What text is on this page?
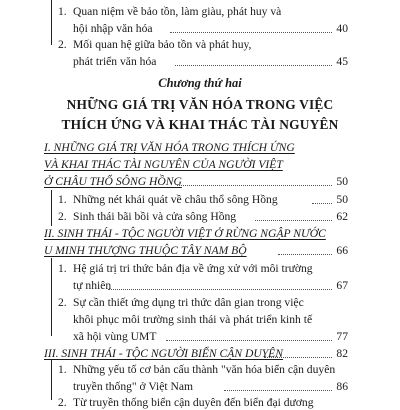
1. Quan niệm về bảo tồn, làm giàu, phát huy và
hội nhập văn hóa	40
2. Mối quan hệ giữa bảo tồn và phát huy,
phát triển văn hóa	45
Chương thứ hai
NHỮNG GIÁ TRỊ VĂN HÓA TRONG VIỆC
THÍCH ỨNG VÀ KHAI THÁC TÀI NGUYÊN
I. NHỮNG GIÁ TRỊ VĂN HÓA TRONG THÍCH ỨNG
VÀ KHAI THÁC TÀI NGUYÊN CỦA NGƯỜI VIỆT
Ở CHÂU THỔ SÔNG HỒNG	50
1. Những nét khái quát về châu thổ sông Hồng	50
2. Sinh thái bãi bồi và cửa sông Hồng	62
II. SINH THÁI - TỘC NGƯỜI VIỆT Ở RỪNG NGẬP NƯỚC
U MINH THƯỢNG THUỘC TÂY NAM BỘ	66
1. Hệ giá trị tri thức bản địa về ứng xử với môi trường
tự nhiên	67
2. Sự cần thiết ứng dụng tri thức dân gian trong việc
khôi phục môi trường sinh thái và phát triển kinh tế
xã hội vùng UMT	77
III. SINH THÁI - TỘC NGƯỜI BIỂN CẬN DUYÊN	82
1. Những yếu tố cơ bản cấu thành "văn hóa biển cận duyên
truyền thống" ở Việt Nam	86
2. Từ truyền thống biển cận duyên đến biển đại dương
